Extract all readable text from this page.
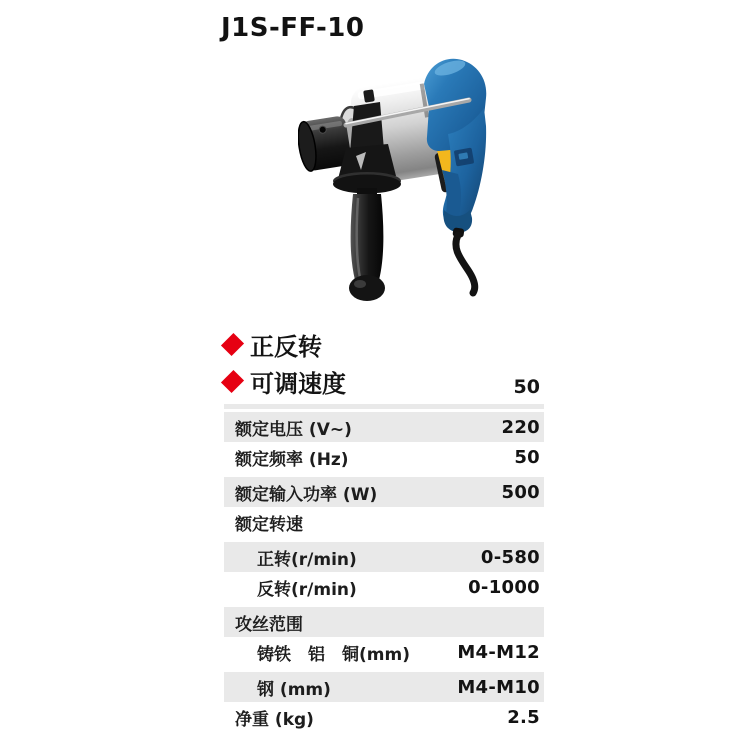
J1S-FF-10
正反转
可调速度	50
额定电压 (V~)	220
额定频率 (Hz)	50
额定输入功率 (W)	500
额定转速
正转(r/min)	0-580
反转(r/min)	0-1000
攻丝范围
铸铁　铝　铜(mm)	M4-M12
钢 (mm)	M4-M10
净重 (kg)	2.5
